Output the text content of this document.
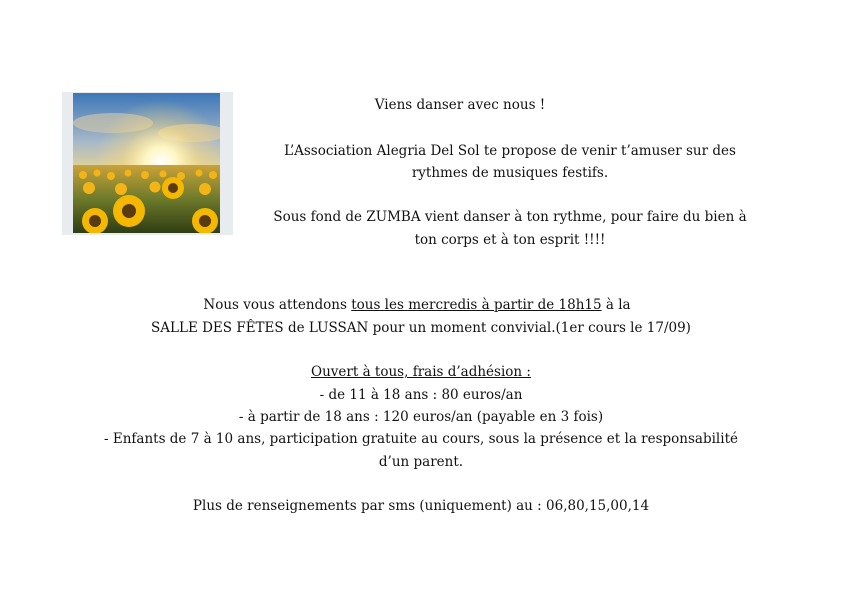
Viens danser avec nous !
L’Association Alegria Del Sol te propose de venir t’amuser sur des
rythmes de musiques festifs.
Sous fond de ZUMBA vient danser à ton rythme, pour faire du bien à
ton corps et à ton esprit !!!!
Nous vous attendons tous les mercredis à partir de 18h15 à la
SALLE DES FÊTES de LUSSAN pour un moment convivial.(1er cours le 17/09)
Ouvert à tous, frais d’adhésion :
- de 11 à 18 ans : 80 euros/an
- à partir de 18 ans : 120 euros/an (payable en 3 fois)
- Enfants de 7 à 10 ans, participation gratuite au cours, sous la présence et la responsabilité
d’un parent.
Plus de renseignements par sms (uniquement) au : 06,80,15,00,14
